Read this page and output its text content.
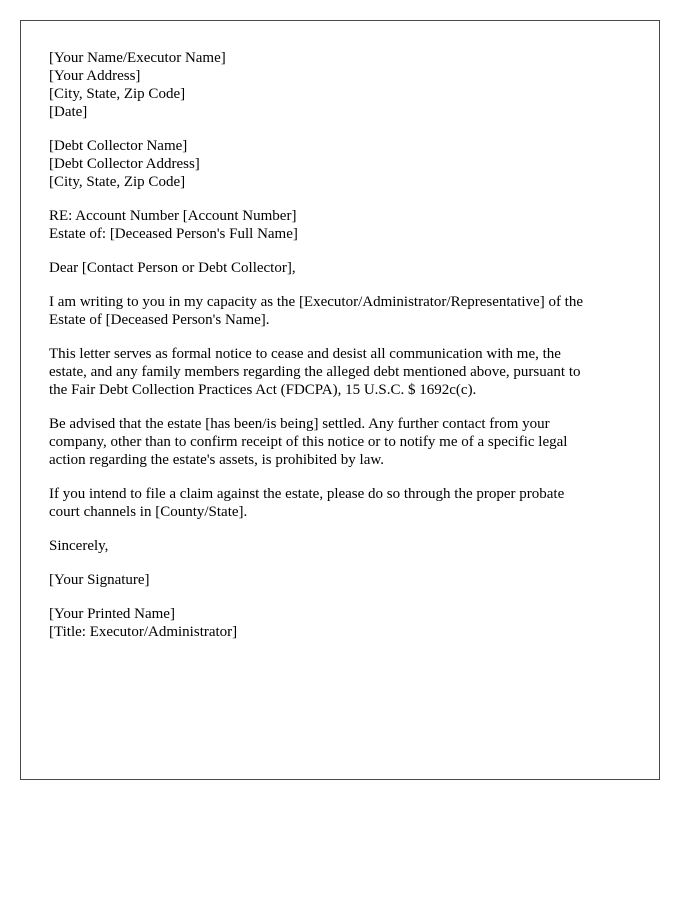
[Your Name/Executor Name]
[Your Address]
[City, State, Zip Code]
[Date]
[Debt Collector Name]
[Debt Collector Address]
[City, State, Zip Code]
RE: Account Number [Account Number]
Estate of: [Deceased Person's Full Name]
Dear [Contact Person or Debt Collector],
I am writing to you in my capacity as the [Executor/Administrator/Representative] of the
Estate of [Deceased Person's Name].
This letter serves as formal notice to cease and desist all communication with me, the
estate, and any family members regarding the alleged debt mentioned above, pursuant to
the Fair Debt Collection Practices Act (FDCPA), 15 U.S.C. $ 1692c(c).
Be advised that the estate [has been/is being] settled. Any further contact from your
company, other than to confirm receipt of this notice or to notify me of a specific legal
action regarding the estate's assets, is prohibited by law.
If you intend to file a claim against the estate, please do so through the proper probate
court channels in [County/State].
Sincerely,
[Your Signature]
[Your Printed Name]
[Title: Executor/Administrator]
